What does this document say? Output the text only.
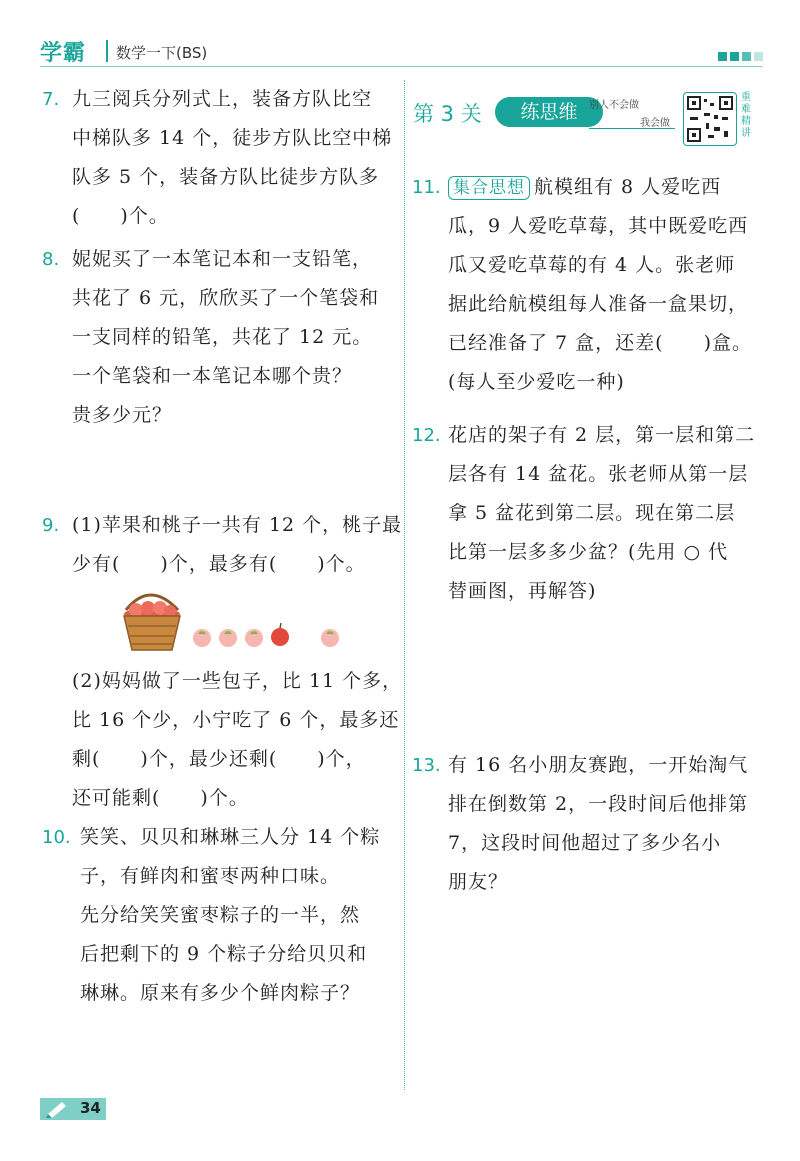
学霸 数学一下(BS)
7. 九三阅兵分列式上，装备方队比空
中梯队多 14 个，徒步方队比空中梯
队多 5 个，装备方队比徒步方队多
(　　)个。
8. 妮妮买了一本笔记本和一支铅笔，
共花了 6 元，欣欣买了一个笔袋和
一支同样的铅笔，共花了 12 元。
一个笔袋和一本笔记本哪个贵？
贵多少元？
9. (1)苹果和桃子一共有 12 个，桃子最
少有(　　)个，最多有(　　)个。
(2)妈妈做了一些包子，比 11 个多，
比 16 个少，小宁吃了 6 个，最多还
剩(　　)个，最少还剩(　　)个，
还可能剩(　　)个。
10. 笑笑、贝贝和琳琳三人分 14 个粽
子，有鲜肉和蜜枣两种口味。
先分给笑笑蜜枣粽子的一半，然
后把剩下的 9 个粽子分给贝贝和
琳琳。原来有多少个鲜肉粽子？
第 3 关	练思维	别人不会做
我会做
重难精讲
11. 集合思想 航模组有 8 人爱吃西
瓜，9 人爱吃草莓，其中既爱吃西
瓜又爱吃草莓的有 4 人。张老师
据此给航模组每人准备一盒果切，
已经准备了 7 盒，还差(　　)盒。
(每人至少爱吃一种)
12. 花店的架子有 2 层，第一层和第二
层各有 14 盆花。张老师从第一层
拿 5 盆花到第二层。现在第二层
比第一层多多少盆？(先用 ○ 代
替画图，再解答)
13. 有 16 名小朋友赛跑，一开始淘气
排在倒数第 2，一段时间后他排第
7，这段时间他超过了多少名小
朋友？
34
